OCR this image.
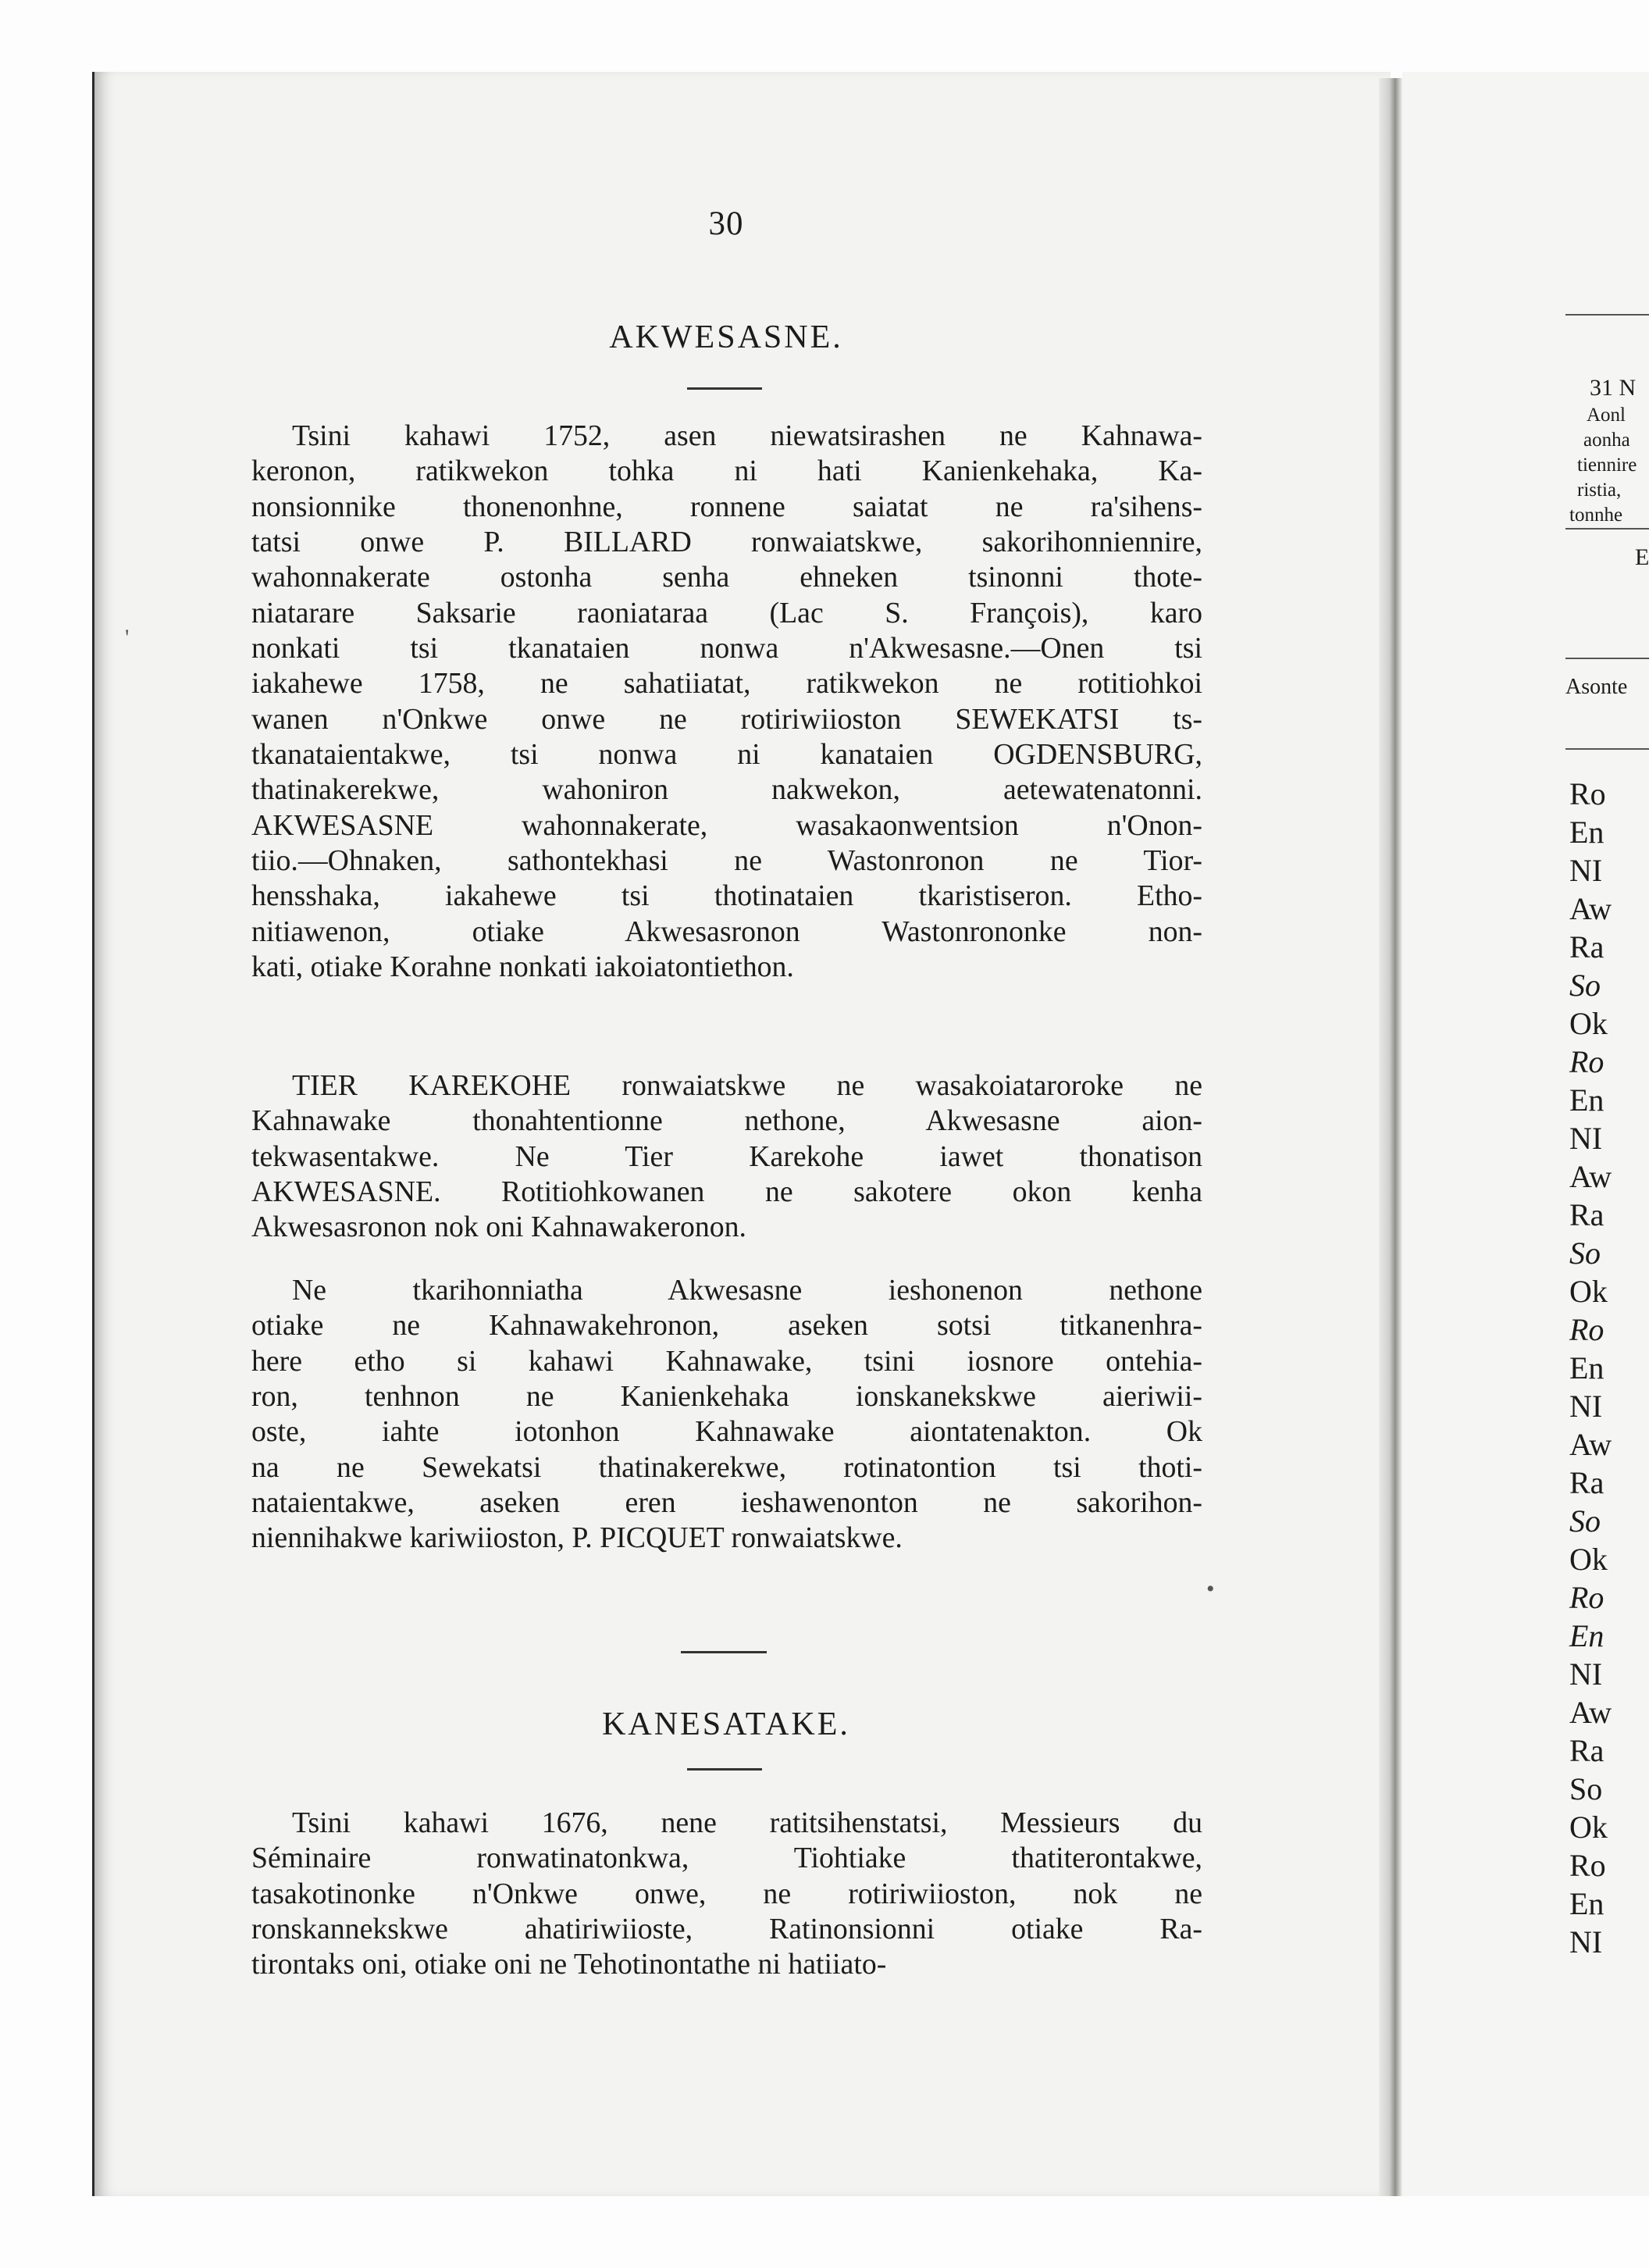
30
AKWESASNE.
Tsini kahawi 1752, asen niewatsirashen ne Kahnawa-
keronon, ratikwekon tohka ni hati Kanienkehaka, Ka-
nonsionnike thonenonhne, ronnene saiatat ne ra'sihens-
tatsi onwe P. BILLARD ronwaiatskwe, sakorihonniennire,
wahonnakerate ostonha senha ehneken tsinonni thote-
niatarare Saksarie raoniataraa (Lac S. François), karo
nonkati tsi tkanataien nonwa n'Akwesasne.—Onen tsi
iakahewe 1758, ne sahatiiatat, ratikwekon ne rotitiohkoi
wanen n'Onkwe onwe ne rotiriwiioston SEWEKATSI ts-
tkanataientakwe, tsi nonwa ni kanataien OGDENSBURG,
thatinakerekwe, wahoniron nakwekon, aetewatenatonni.
AKWESASNE wahonnakerate, wasakaonwentsion n'Onon-
tiio.—Ohnaken, sathontekhasi ne Wastonronon ne Tior-
hensshaka, iakahewe tsi thotinataien tkaristiseron. Etho-
nitiawenon, otiake Akwesasronon Wastonrononke non-
kati, otiake Korahne nonkati iakoiatontiethon.
TIER KAREKOHE ronwaiatskwe ne wasakoiataroroke ne
Kahnawake thonahtentionne nethone, Akwesasne aion-
tekwasentakwe. Ne Tier Karekohe iawet thonatison
AKWESASNE. Rotitiohkowanen ne sakotere okon kenha
Akwesasronon nok oni Kahnawakeronon.
Ne tkarihonniatha Akwesasne ieshonenon nethone
otiake ne Kahnawakehronon, aseken sotsi titkanenhra-
here etho si kahawi Kahnawake, tsini iosnore ontehia-
ron, tenhnon ne Kanienkehaka ionskanekskwe aieriwii-
oste, iahte iotonhon Kahnawake aiontatenakton. Ok
na ne Sewekatsi thatinakerekwe, rotinatontion tsi thoti-
nataientakwe, aseken eren ieshawenonton ne sakorihon-
niennihakwe kariwiioston, P. PICQUET ronwaiatskwe.
KANESATAKE.
Tsini kahawi 1676, nene ratitsihenstatsi, Messieurs du
Séminaire ronwatinatonkwa, Tiohtiake thatiterontakwe,
tasakotinonke n'Onkwe onwe, ne rotiriwiioston, nok ne
ronskannekskwe ahatiriwiioste, Ratinonsionni otiake Ra-
tirontaks oni, otiake oni ne Tehotinontathe ni hatiiato-
'
•
31 N
Aonl
aonha
tiennire
ristia,
tonnhe
E
Asonte
Ro
En
NI
Aw
Ra
So
Ok
Ro
En
NI
Aw
Ra
So
Ok
Ro
En
NI
Aw
Ra
So
Ok
Ro
En
NI
Aw
Ra
So
Ok
Ro
En
NI
